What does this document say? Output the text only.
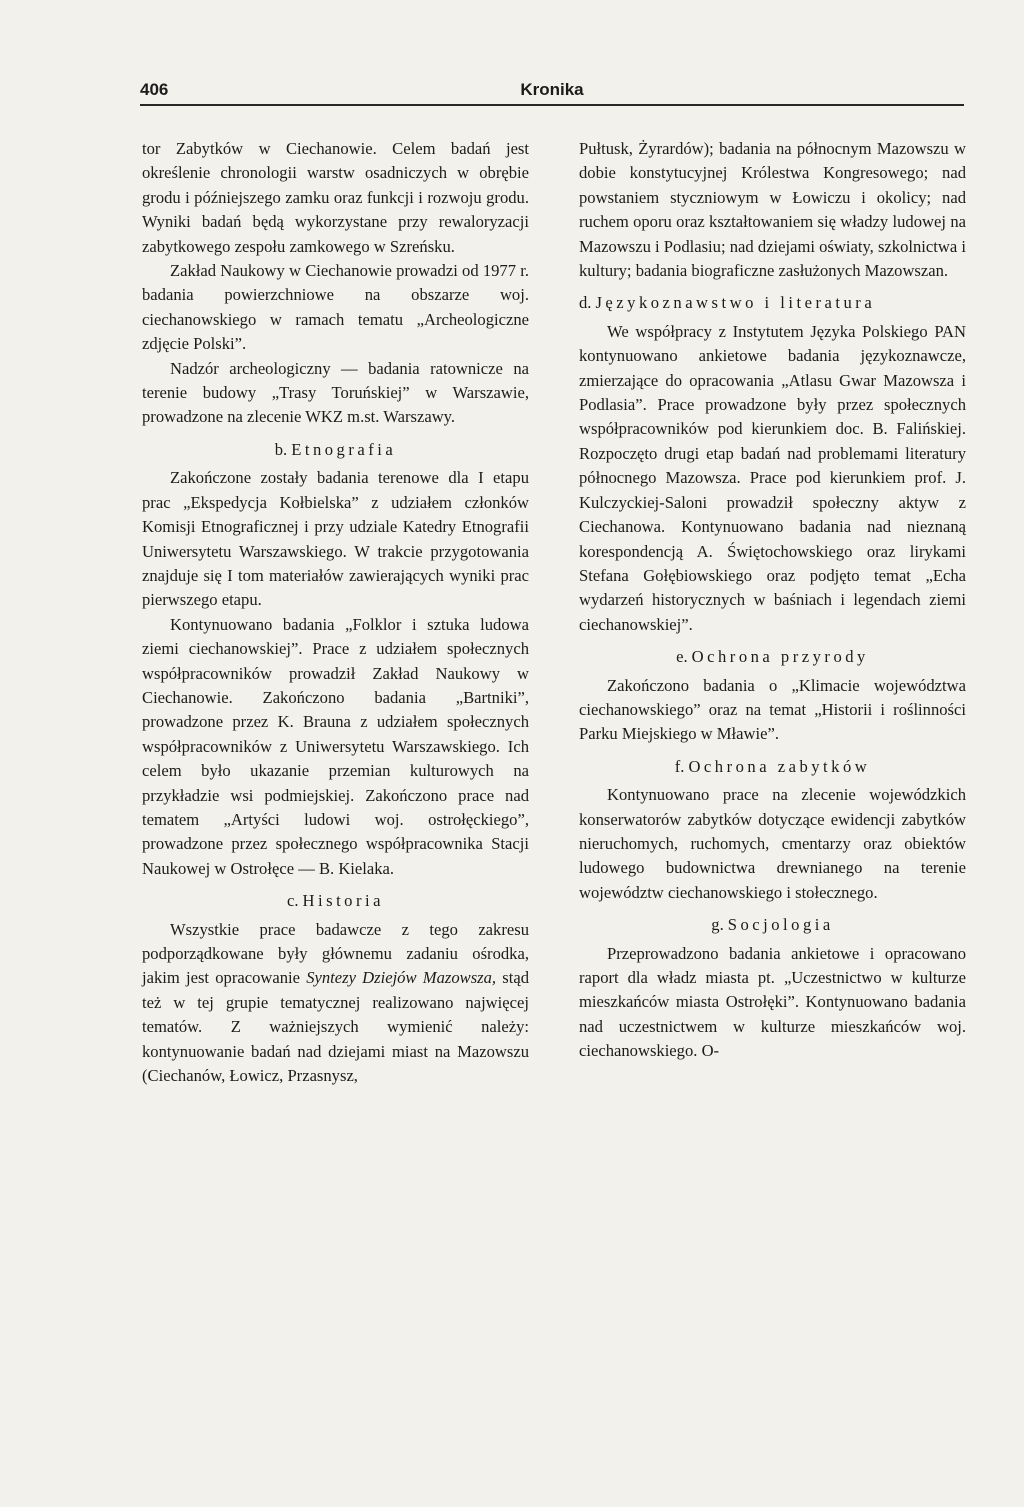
406	Kronika

tor Zabytków w Ciechanowie. Celem badań jest określenie chronologii warstw osadniczych w obrębie grodu i późniejszego zamku oraz funkcji i rozwoju grodu. Wyniki badań będą wykorzystane przy rewaloryzacji zabytkowego zespołu zamkowego w Szreńsku.

Zakład Naukowy w Ciechanowie prowadzi od 1977 r. badania powierzchniowe na obszarze woj. ciechanowskiego w ramach tematu „Archeologiczne zdjęcie Polski”.

Nadzór archeologiczny — badania ratownicze na terenie budowy „Trasy Toruńskiej” w Warszawie, prowadzone na zlecenie WKZ m.st. Warszawy.

b. Etnografia

Zakończone zostały badania terenowe dla I etapu prac „Ekspedycja Kołbielska” z udziałem członków Komisji Etnograficznej i przy udziale Katedry Etnografii Uniwersytetu Warszawskiego. W trakcie przygotowania znajduje się I tom materiałów zawierających wyniki prac pierwszego etapu.

Kontynuowano badania „Folklor i sztuka ludowa ziemi ciechanowskiej”. Prace z udziałem społecznych współpracowników prowadził Zakład Naukowy w Ciechanowie. Zakończono badania „Bartniki”, prowadzone przez K. Brauna z udziałem społecznych współpracowników z Uniwersytetu Warszawskiego. Ich celem było ukazanie przemian kulturowych na przykładzie wsi podmiejskiej. Zakończono prace nad tematem „Artyści ludowi woj. ostrołęckiego”, prowadzone przez społecznego współpracownika Stacji Naukowej w Ostrołęce — B. Kielaka.

c. Historia

Wszystkie prace badawcze z tego zakresu podporządkowane były głównemu zadaniu ośrodka, jakim jest opracowanie Syntezy Dziejów Mazowsza, stąd też w tej grupie tematycznej realizowano najwięcej tematów. Z ważniejszych wymienić należy: kontynuowanie badań nad dziejami miast na Mazowszu (Ciechanów, Łowicz, Przasnysz,

Pułtusk, Żyrardów); badania na północnym Mazowszu w dobie konstytucyjnej Królestwa Kongresowego; nad powstaniem styczniowym w Łowiczu i okolicy; nad ruchem oporu oraz kształtowaniem się władzy ludowej na Mazowszu i Podlasiu; nad dziejami oświaty, szkolnictwa i kultury; badania biograficzne zasłużonych Mazowszan.

d. Językoznawstwo i literatura

We współpracy z Instytutem Języka Polskiego PAN kontynuowano ankietowe badania językoznawcze, zmierzające do opracowania „Atlasu Gwar Mazowsza i Podlasia”. Prace prowadzone były przez społecznych współpracowników pod kierunkiem doc. B. Falińskiej. Rozpoczęto drugi etap badań nad problemami literatury północnego Mazowsza. Prace pod kierunkiem prof. J. Kulczyckiej-Saloni prowadził społeczny aktyw z Ciechanowa. Kontynuowano badania nad nieznaną korespondencją A. Świętochowskiego oraz lirykami Stefana Gołębiowskiego oraz podjęto temat „Echa wydarzeń historycznych w baśniach i legendach ziemi ciechanowskiej”.

e. Ochrona przyrody

Zakończono badania o „Klimacie województwa ciechanowskiego” oraz na temat „Historii i roślinności Parku Miejskiego w Mławie”.

f. Ochrona zabytków

Kontynuowano prace na zlecenie wojewódzkich konserwatorów zabytków dotyczące ewidencji zabytków nieruchomych, ruchomych, cmentarzy oraz obiektów ludowego budownictwa drewnianego na terenie województw ciechanowskiego i stołecznego.

g. Socjologia

Przeprowadzono badania ankietowe i opracowano raport dla władz miasta pt. „Uczestnictwo w kulturze mieszkańców miasta Ostrołęki”. Kontynuowano badania nad uczestnictwem w kulturze mieszkańców woj. ciechanowskiego. O-
